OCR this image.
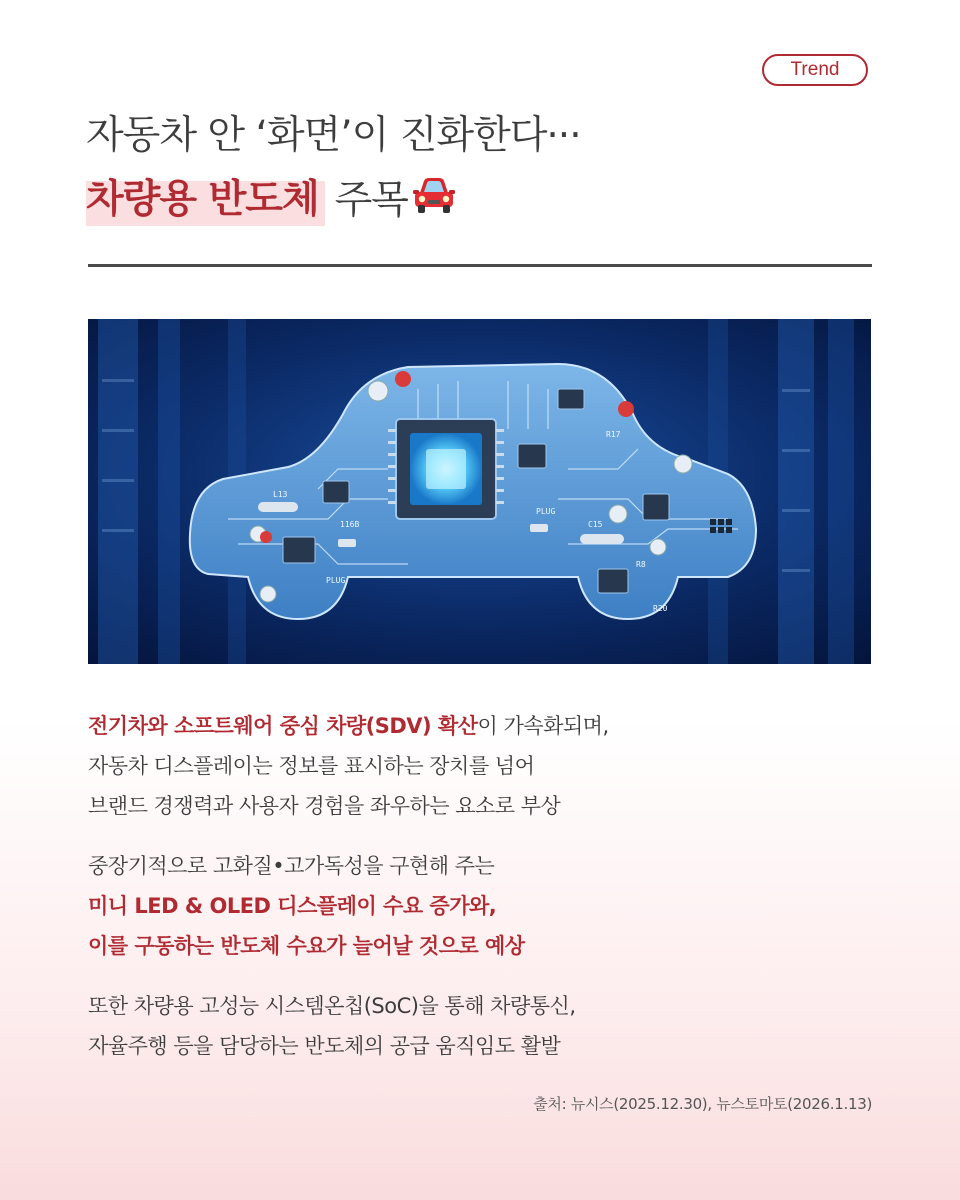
Trend
자동차 안 ‘화면’이 진화한다···
차량용 반도체 주목
L13
116B
PLUG
PLUG
R17
R20
C15
R8
전기차와 소프트웨어 중심 차량(SDV) 확산이 가속화되며,
자동차 디스플레이는 정보를 표시하는 장치를 넘어
브랜드 경쟁력과 사용자 경험을 좌우하는 요소로 부상
중장기적으로 고화질•고가독성을 구현해 주는
미니 LED & OLED 디스플레이 수요 증가와,
이를 구동하는 반도체 수요가 늘어날 것으로 예상
또한 차량용 고성능 시스템온칩(SoC)을 통해 차량통신,
자율주행 등을 담당하는 반도체의 공급 움직임도 활발
출처: 뉴시스(2025.12.30), 뉴스토마토(2026.1.13)
